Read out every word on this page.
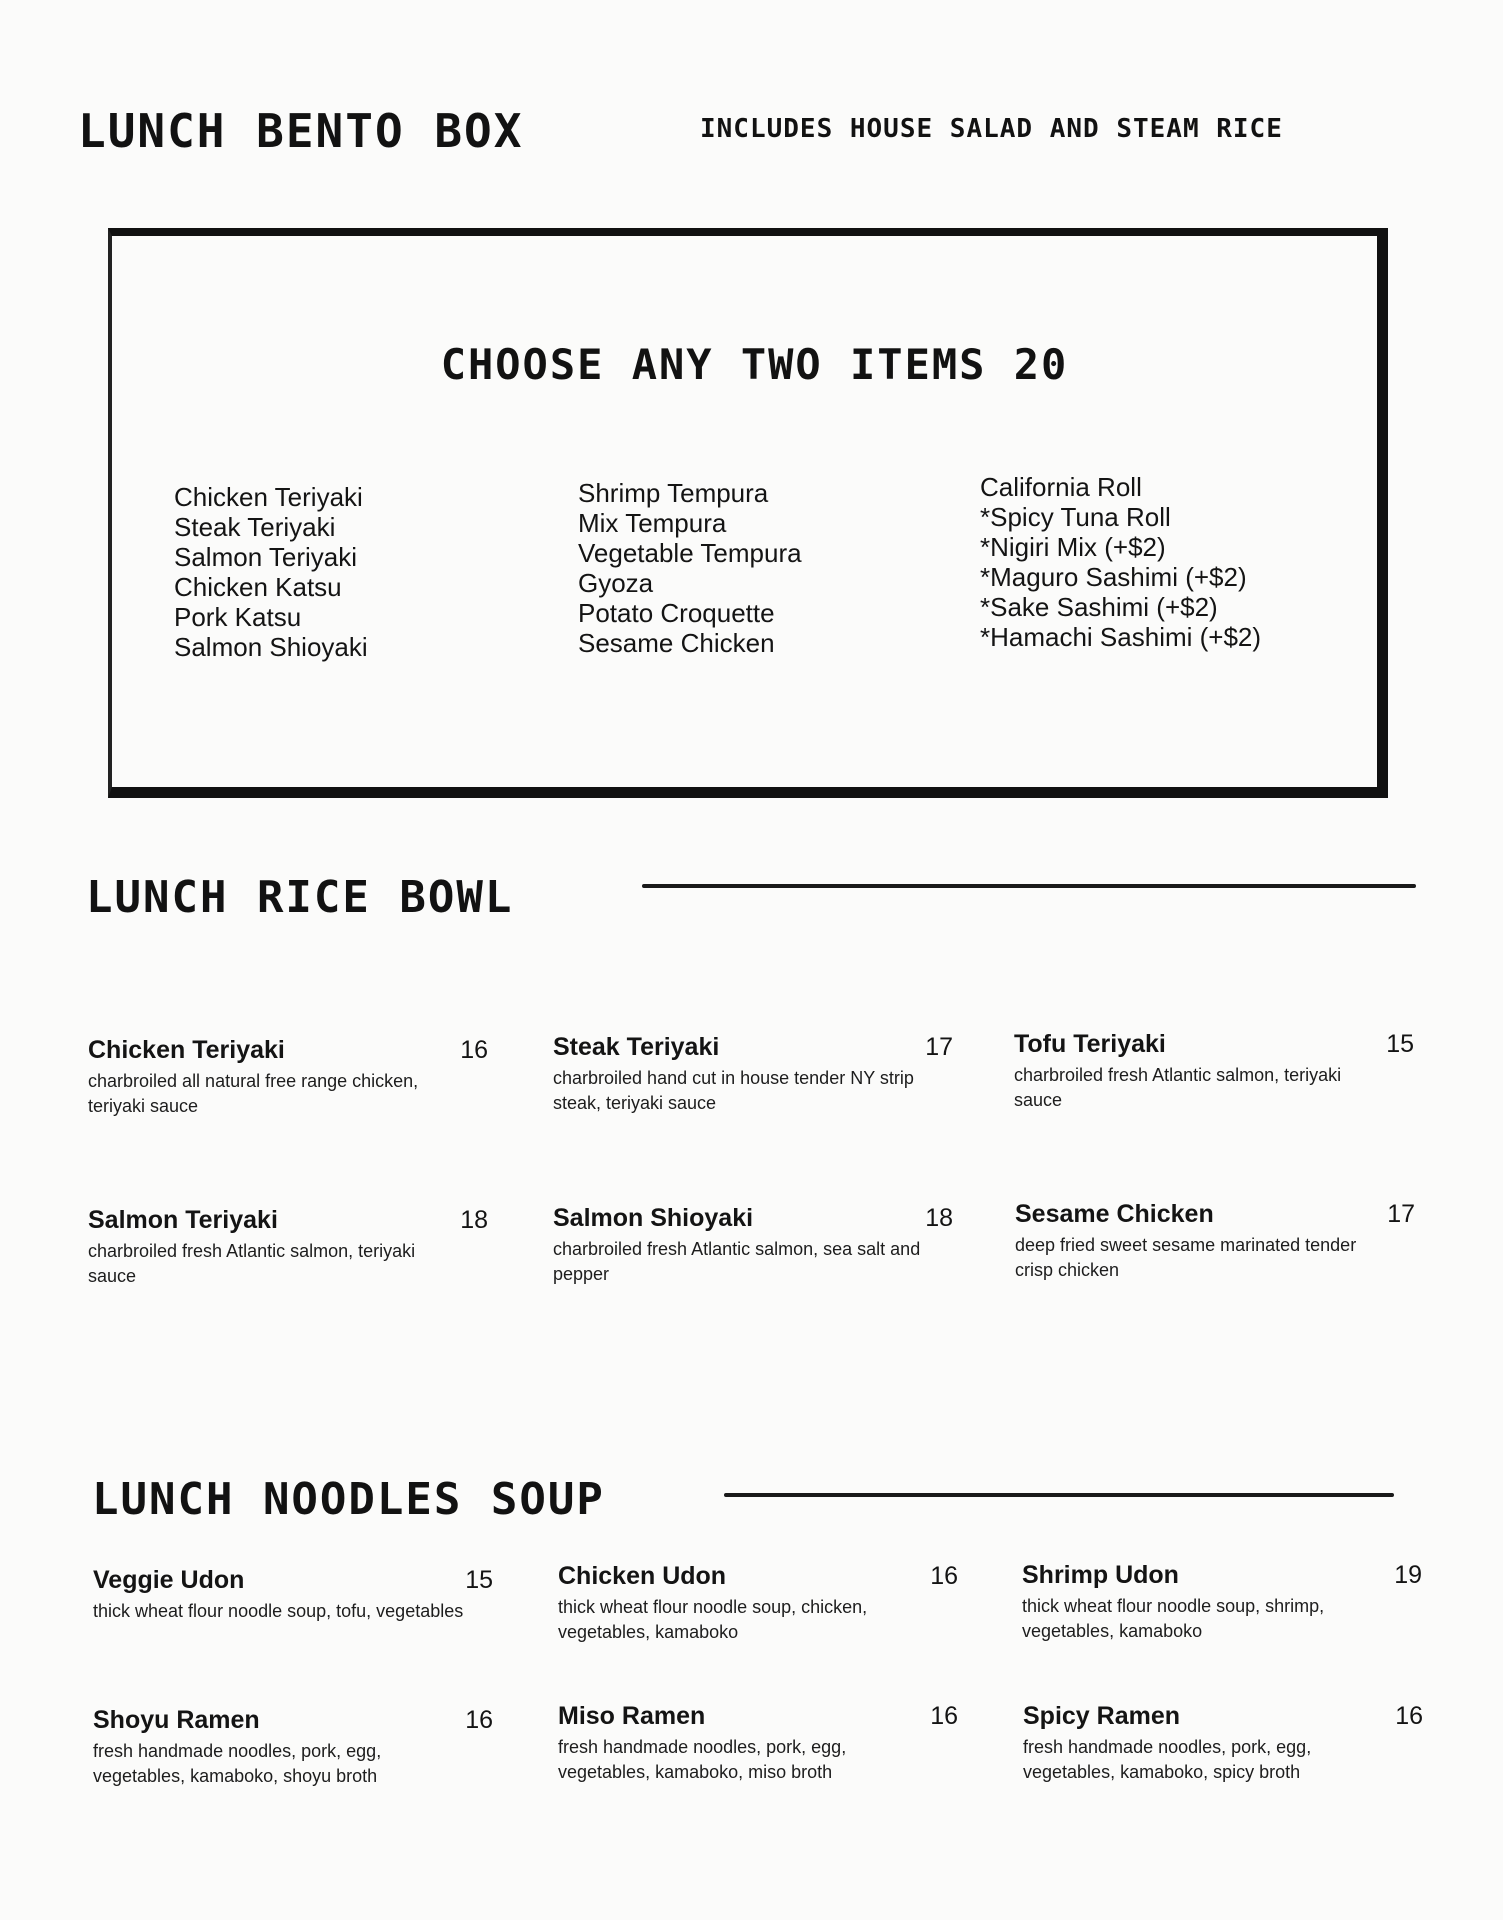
LUNCH BENTO BOX	INCLUDES HOUSE SALAD AND STEAM RICE
CHOOSE ANY TWO ITEMS 20
Chicken Teriyaki
Steak Teriyaki
Salmon Teriyaki
Chicken Katsu
Pork Katsu
Salmon Shioyaki
Shrimp Tempura
Mix Tempura
Vegetable Tempura
Gyoza
Potato Croquette
Sesame Chicken
California Roll
*Spicy Tuna Roll
*Nigiri Mix (+$2)
*Maguro Sashimi (+$2)
*Sake Sashimi (+$2)
*Hamachi Sashimi (+$2)
LUNCH RICE BOWL
Chicken Teriyaki	16
charbroiled all natural free range chicken, teriyaki sauce
Steak Teriyaki	17
charbroiled hand cut in house tender NY strip steak, teriyaki sauce
Tofu Teriyaki	15
charbroiled fresh Atlantic salmon, teriyaki sauce
Salmon Teriyaki	18
charbroiled fresh Atlantic salmon, teriyaki sauce
Salmon Shioyaki	18
charbroiled fresh Atlantic salmon, sea salt and pepper
Sesame Chicken	17
deep fried sweet sesame marinated tender crisp chicken
LUNCH NOODLES SOUP
Veggie Udon	15
thick wheat flour noodle soup, tofu, vegetables
Chicken Udon	16
thick wheat flour noodle soup, chicken, vegetables, kamaboko
Shrimp Udon	19
thick wheat flour noodle soup, shrimp, vegetables, kamaboko
Shoyu Ramen	16
fresh handmade noodles, pork, egg, vegetables, kamaboko, shoyu broth
Miso Ramen	16
fresh handmade noodles, pork, egg, vegetables, kamaboko, miso broth
Spicy Ramen	16
fresh handmade noodles, pork, egg, vegetables, kamaboko, spicy broth
